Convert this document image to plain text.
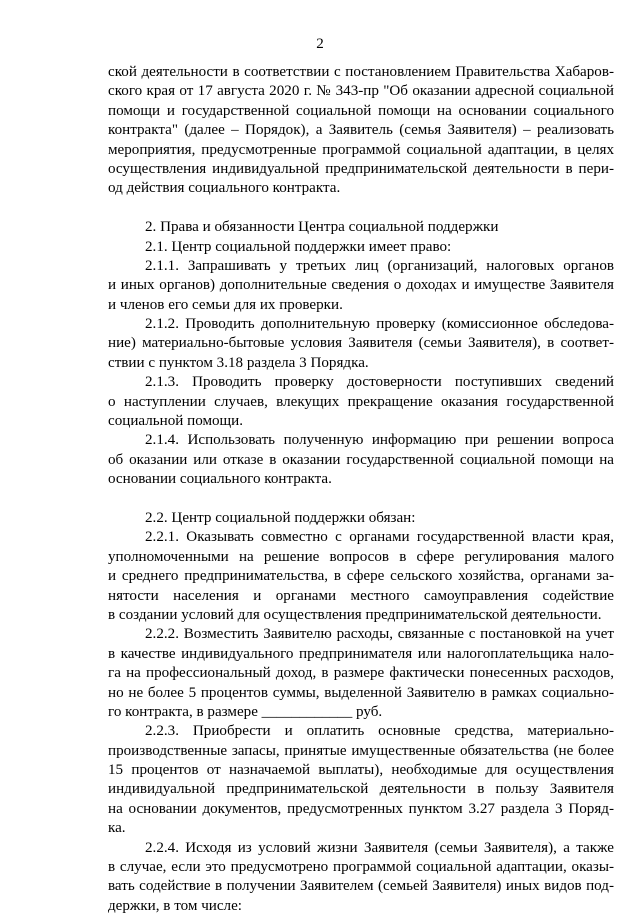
2
ской деятельности в соответствии с постановлением Правительства Хабаров-
ского края от 17 августа 2020 г. № 343-пр "Об оказании адресной социальной
помощи и государственной социальной помощи на основании социального
контракта" (далее – Порядок), а Заявитель (семья Заявителя) – реализовать
мероприятия, предусмотренные программой социальной адаптации, в целях
осуществления индивидуальной предпринимательской деятельности в пери-
од действия социального контракта.
2. Права и обязанности Центра социальной поддержки
2.1. Центр социальной поддержки имеет право:
2.1.1. Запрашивать у третьих лиц (организаций, налоговых органов
и иных органов) дополнительные сведения о доходах и имуществе Заявителя
и членов его семьи для их проверки.
2.1.2. Проводить дополнительную проверку (комиссионное обследова-
ние) материально-бытовые условия Заявителя (семьи Заявителя), в соответ-
ствии с пунктом 3.18 раздела 3 Порядка.
2.1.3. Проводить проверку достоверности поступивших сведений
о наступлении случаев, влекущих прекращение оказания государственной
социальной помощи.
2.1.4. Использовать полученную информацию при решении вопроса
об оказании или отказе в оказании государственной социальной помощи на
основании социального контракта.
2.2. Центр социальной поддержки обязан:
2.2.1. Оказывать совместно с органами государственной власти края,
уполномоченными на решение вопросов в сфере регулирования малого
и среднего предпринимательства, в сфере сельского хозяйства, органами за-
нятости населения и органами местного самоуправления содействие
в создании условий для осуществления предпринимательской деятельности.
2.2.2. Возместить Заявителю расходы, связанные с постановкой на учет
в качестве индивидуального предпринимателя или налогоплательщика нало-
га на профессиональный доход, в размере фактически понесенных расходов,
но не более 5 процентов суммы, выделенной Заявителю в рамках социально-
го контракта, в размере ____________ руб.
2.2.3. Приобрести и оплатить основные средства, материально-
производственные запасы, принятые имущественные обязательства (не более
15 процентов от назначаемой выплаты), необходимые для осуществления
индивидуальной предпринимательской деятельности в пользу Заявителя
на основании документов, предусмотренных пунктом 3.27 раздела 3 Поряд-
ка.
2.2.4. Исходя из условий жизни Заявителя (семьи Заявителя), а также
в случае, если это предусмотрено программой социальной адаптации, оказы-
вать содействие в получении Заявителем (семьей Заявителя) иных видов под-
держки, в том числе:
